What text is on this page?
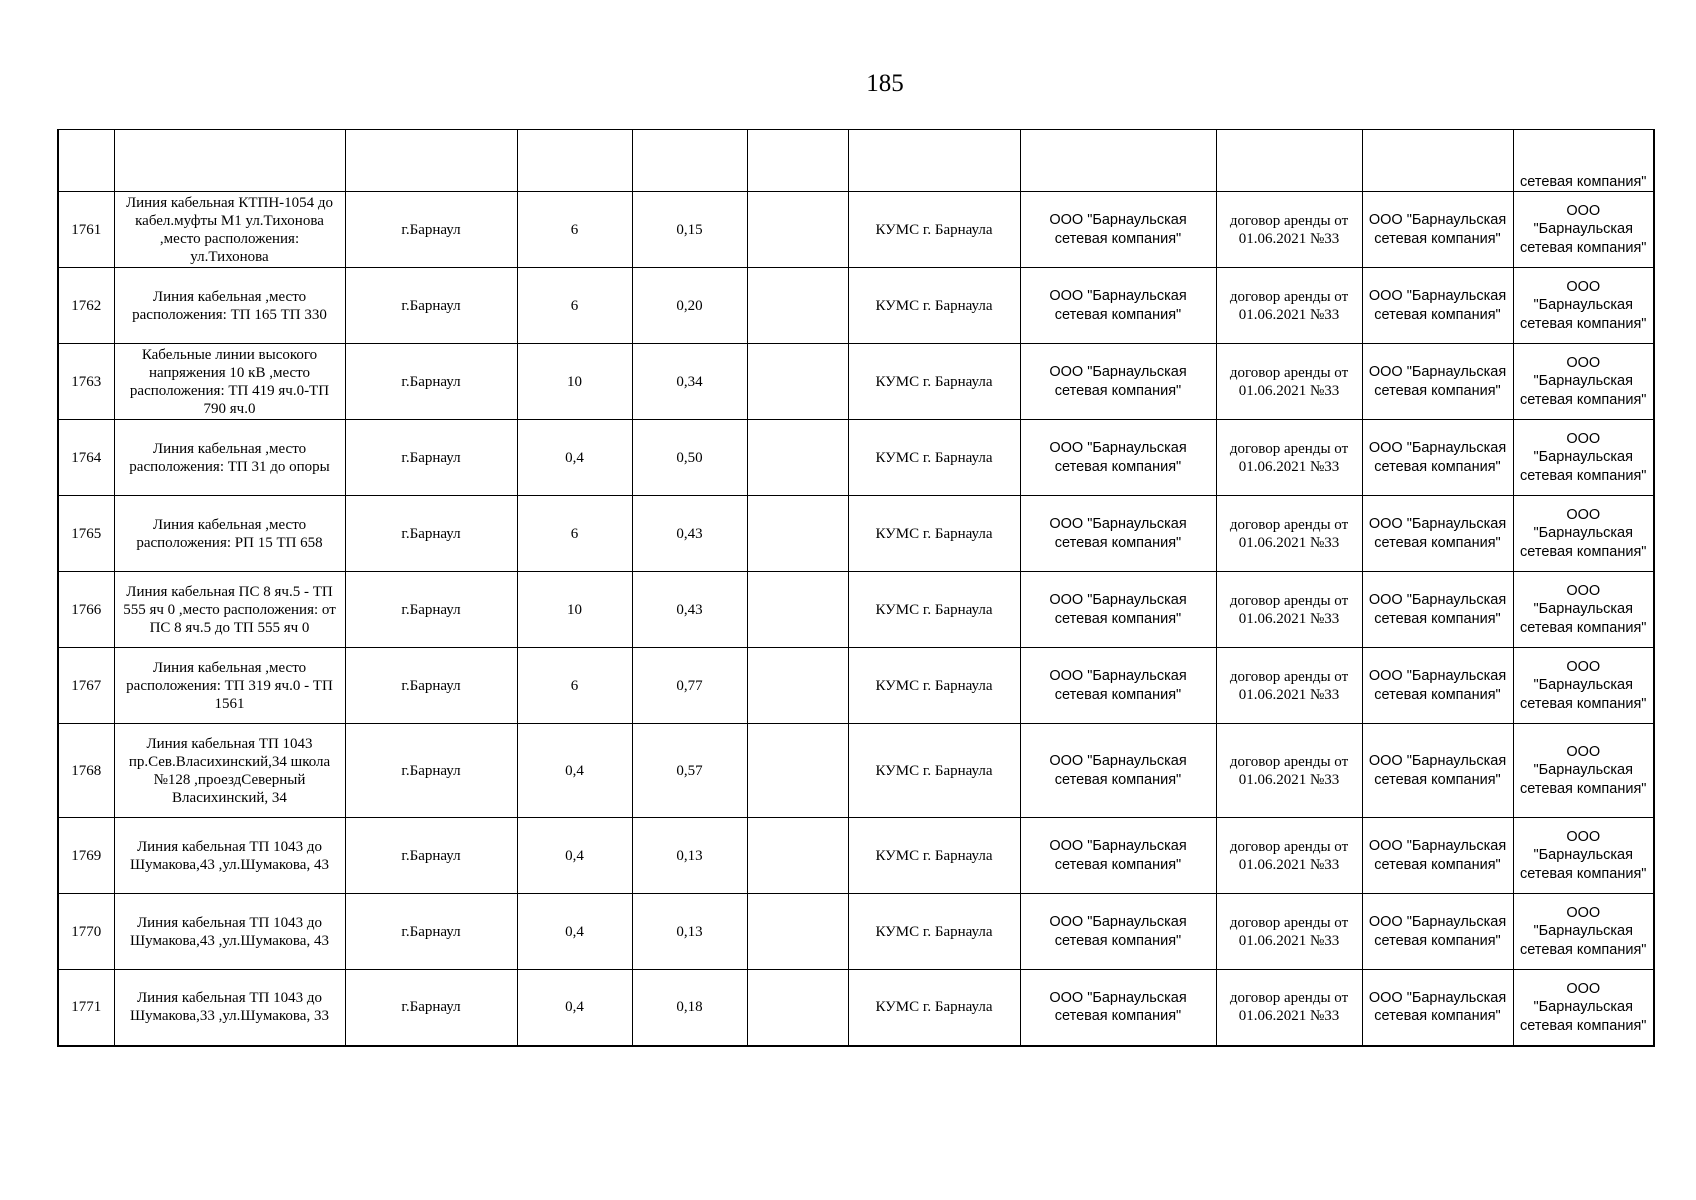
185
										сетевая компания"
1761	Линия кабельная КТПН-1054 до кабел.муфты М1 ул.Тихонова ,место расположения: ул.Тихонова	г.Барнаул	6	0,15		КУМС г. Барнаула	ООО "Барнаульская сетевая компания"	договор аренды от 01.06.2021 №33	ООО "Барнаульская сетевая компания"	ООО "Барнаульская сетевая компания"
1762	Линия кабельная ,место расположения: ТП 165 ТП 330	г.Барнаул	6	0,20		КУМС г. Барнаула	ООО "Барнаульская сетевая компания"	договор аренды от 01.06.2021 №33	ООО "Барнаульская сетевая компания"	ООО "Барнаульская сетевая компания"
1763	Кабельные линии высокого напряжения 10 кВ ,место расположения: ТП 419 яч.0-ТП 790 яч.0	г.Барнаул	10	0,34		КУМС г. Барнаула	ООО "Барнаульская сетевая компания"	договор аренды от 01.06.2021 №33	ООО "Барнаульская сетевая компания"	ООО "Барнаульская сетевая компания"
1764	Линия кабельная ,место расположения: ТП 31 до опоры	г.Барнаул	0,4	0,50		КУМС г. Барнаула	ООО "Барнаульская сетевая компания"	договор аренды от 01.06.2021 №33	ООО "Барнаульская сетевая компания"	ООО "Барнаульская сетевая компания"
1765	Линия кабельная ,место расположения: РП 15 ТП 658	г.Барнаул	6	0,43		КУМС г. Барнаула	ООО "Барнаульская сетевая компания"	договор аренды от 01.06.2021 №33	ООО "Барнаульская сетевая компания"	ООО "Барнаульская сетевая компания"
1766	Линия кабельная ПС 8 яч.5 - ТП 555 яч 0 ,место расположения: от ПС 8 яч.5 до ТП 555 яч 0	г.Барнаул	10	0,43		КУМС г. Барнаула	ООО "Барнаульская сетевая компания"	договор аренды от 01.06.2021 №33	ООО "Барнаульская сетевая компания"	ООО "Барнаульская сетевая компания"
1767	Линия кабельная ,место расположения: ТП 319 яч.0 - ТП 1561	г.Барнаул	6	0,77		КУМС г. Барнаула	ООО "Барнаульская сетевая компания"	договор аренды от 01.06.2021 №33	ООО "Барнаульская сетевая компания"	ООО "Барнаульская сетевая компания"
1768	Линия кабельная ТП 1043 пр.Сев.Власихинский,34 школа №128 ,проездСеверный Власихинский, 34	г.Барнаул	0,4	0,57		КУМС г. Барнаула	ООО "Барнаульская сетевая компания"	договор аренды от 01.06.2021 №33	ООО "Барнаульская сетевая компания"	ООО "Барнаульская сетевая компания"
1769	Линия кабельная ТП 1043 до Шумакова,43 ,ул.Шумакова, 43	г.Барнаул	0,4	0,13		КУМС г. Барнаула	ООО "Барнаульская сетевая компания"	договор аренды от 01.06.2021 №33	ООО "Барнаульская сетевая компания"	ООО "Барнаульская сетевая компания"
1770	Линия кабельная ТП 1043 до Шумакова,43 ,ул.Шумакова, 43	г.Барнаул	0,4	0,13		КУМС г. Барнаула	ООО "Барнаульская сетевая компания"	договор аренды от 01.06.2021 №33	ООО "Барнаульская сетевая компания"	ООО "Барнаульская сетевая компания"
1771	Линия кабельная ТП 1043 до Шумакова,33 ,ул.Шумакова, 33	г.Барнаул	0,4	0,18		КУМС г. Барнаула	ООО "Барнаульская сетевая компания"	договор аренды от 01.06.2021 №33	ООО "Барнаульская сетевая компания"	ООО "Барнаульская сетевая компания"
